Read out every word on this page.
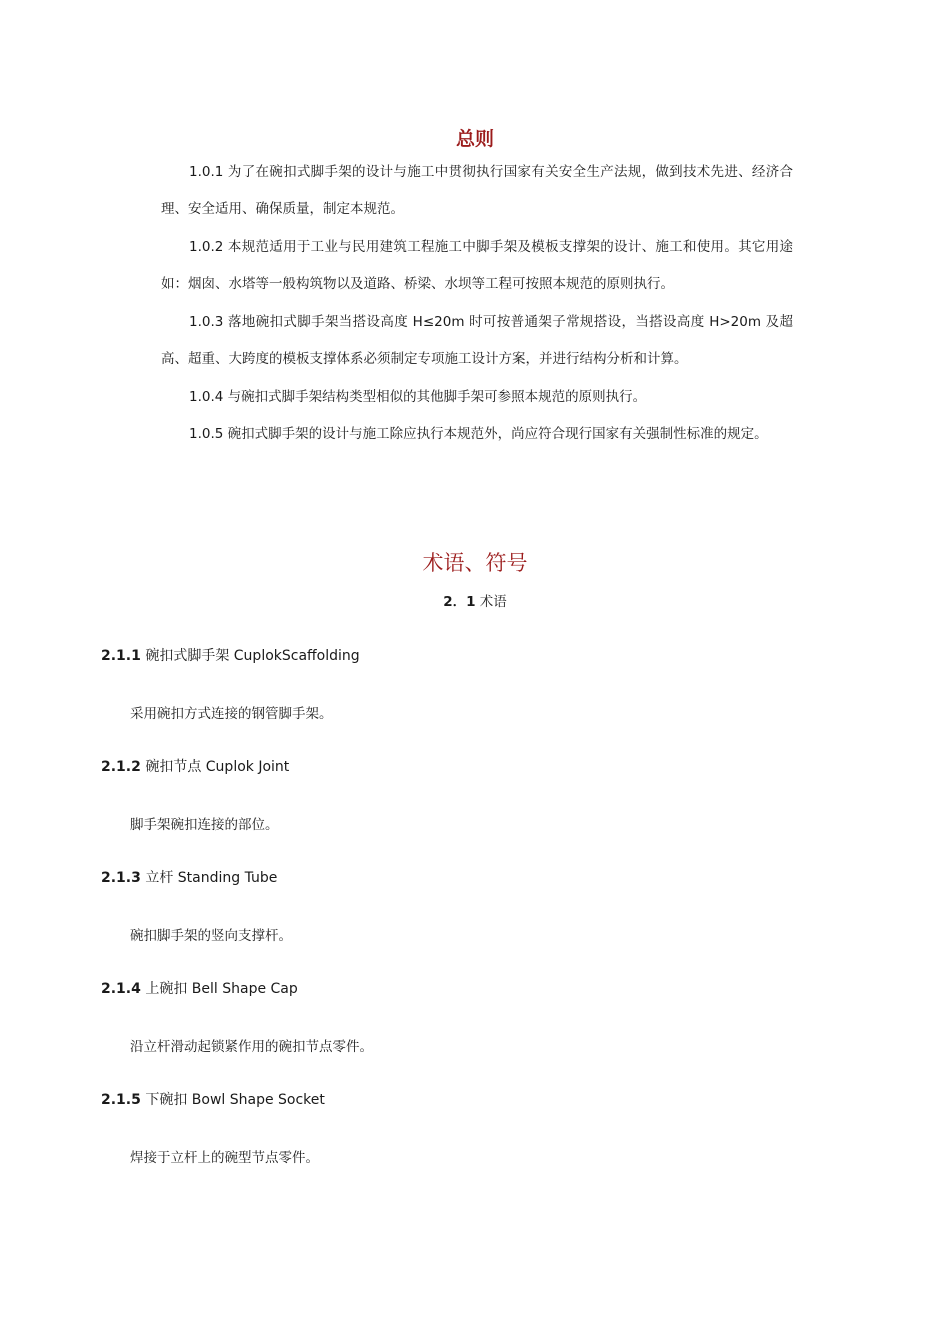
总则

1.0.1 为了在碗扣式脚手架的设计与施工中贯彻执行国家有关安全生产法规，做到技术先进、经济合理、安全适用、确保质量，制定本规范。

1.0.2 本规范适用于工业与民用建筑工程施工中脚手架及模板支撑架的设计、施工和使用。其它用途如：烟囱、水塔等一般构筑物以及道路、桥梁、水坝等工程可按照本规范的原则执行。

1.0.3 落地碗扣式脚手架当搭设高度 H≤20m 时可按普通架子常规搭设，当搭设高度 H>20m 及超高、超重、大跨度的模板支撑体系必须制定专项施工设计方案，并进行结构分析和计算。

1.0.4 与碗扣式脚手架结构类型相似的其他脚手架可参照本规范的原则执行。

1.0.5 碗扣式脚手架的设计与施工除应执行本规范外，尚应符合现行国家有关强制性标准的规定。

术语、符号
2．1 术语

2.1.1 碗扣式脚手架 CuplokScaffolding

采用碗扣方式连接的钢管脚手架。

2.1.2 碗扣节点 Cuplok Joint

脚手架碗扣连接的部位。

2.1.3 立杆 Standing Tube

碗扣脚手架的竖向支撑杆。

2.1.4 上碗扣 Bell Shape Cap

沿立杆滑动起锁紧作用的碗扣节点零件。

2.1.5 下碗扣 Bowl Shape Socket

焊接于立杆上的碗型节点零件。
